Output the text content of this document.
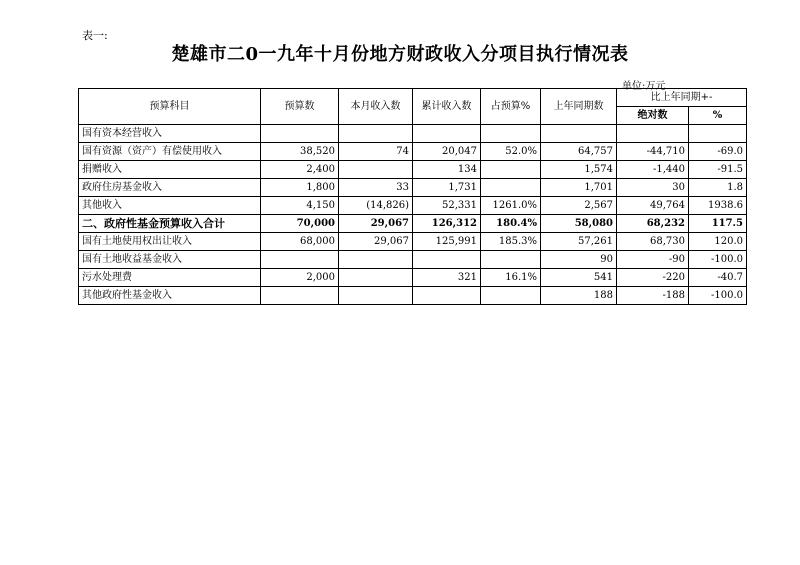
表一:
楚雄市二0一九年十月份地方财政收入分项目执行情况表
单位:万元
预算科目	预算数	本月收入数	累计收入数	占预算%	上年同期数	比上年同期+-	
						绝对数	%
国有资本经营收入							
国有资源（资产）有偿使用收入	38,520	74	20,047	52.0%	64,757	-44,710	-69.0
捐赠收入	2,400		134		1,574	-1,440	-91.5
政府住房基金收入	1,800	33	1,731		1,701	30	1.8
其他收入	4,150	(14,826)	52,331	1261.0%	2,567	49,764	1938.6
二、政府性基金预算收入合计	70,000	29,067	126,312	180.4%	58,080	68,232	117.5
国有土地使用权出让收入	68,000	29,067	125,991	185.3%	57,261	68,730	120.0
国有土地收益基金收入					90	-90	-100.0
污水处理费	2,000		321	16.1%	541	-220	-40.7
其他政府性基金收入					188	-188	-100.0
